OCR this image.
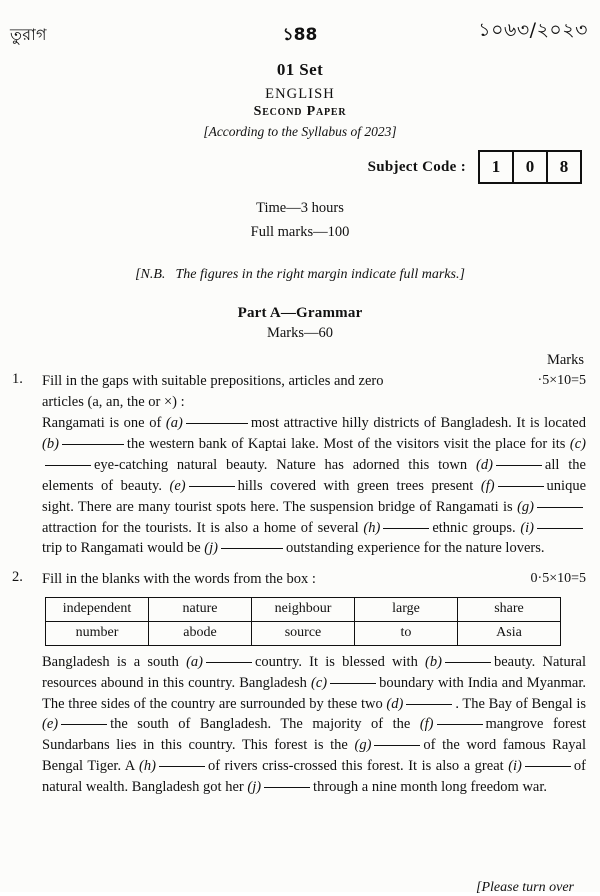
তুরাগ	১88	১০৬৩/২০২৩
01 Set
ENGLISH
Second Paper
[According to the Syllabus of 2023]
Subject Code :	1	0	8
Time—3 hours
Full marks—100
[N.B. The figures in the right margin indicate full marks.]
Part A—Grammar
Marks—60
Marks
1.	·5×10=5
Fill in the gaps with suitable prepositions, articles and zero
articles (a, an, the or ×) :
Rangamati is one of (a)	most attractive hilly districts of Bangladesh. It is located (b)	the western bank of Kaptai lake. Most of the visitors visit the place for its (c)eye-catching natural beauty. Nature has adorned this town (d)	all the elements of beauty. (e)	hills covered with green trees present (f)	unique sight. There are many tourist spots here. The suspension bridge of Rangamati is (g)attraction for the tourists. It is also a home of several (h)	ethnic groups. (i)trip to Rangamati would be (j)	outstanding experience for the nature lovers.
2.	0·5×10=5
Fill in the blanks with the words from the box :
independent	nature	neighbour	large	share
number	abode	source	to	Asia
Bangladesh is a south (a)	country. It is blessed with (b)	beauty. Natural resources abound in this country. Bangladesh (c)	boundary with India and Myanmar. The three sides of the country are surrounded by these two (d)	. The Bay of Bengal is (e)	the south of Bangladesh. The majority of the (f)	mangrove forest Sundarbans lies in this country. This forest is the (g)	of the word famous Rayal Bengal Tiger. A (h)	of rivers criss-crossed this forest. It is also a great (i)	of natural wealth. Bangladesh got her (j)	through a nine month long freedom war.
[Please turn over
